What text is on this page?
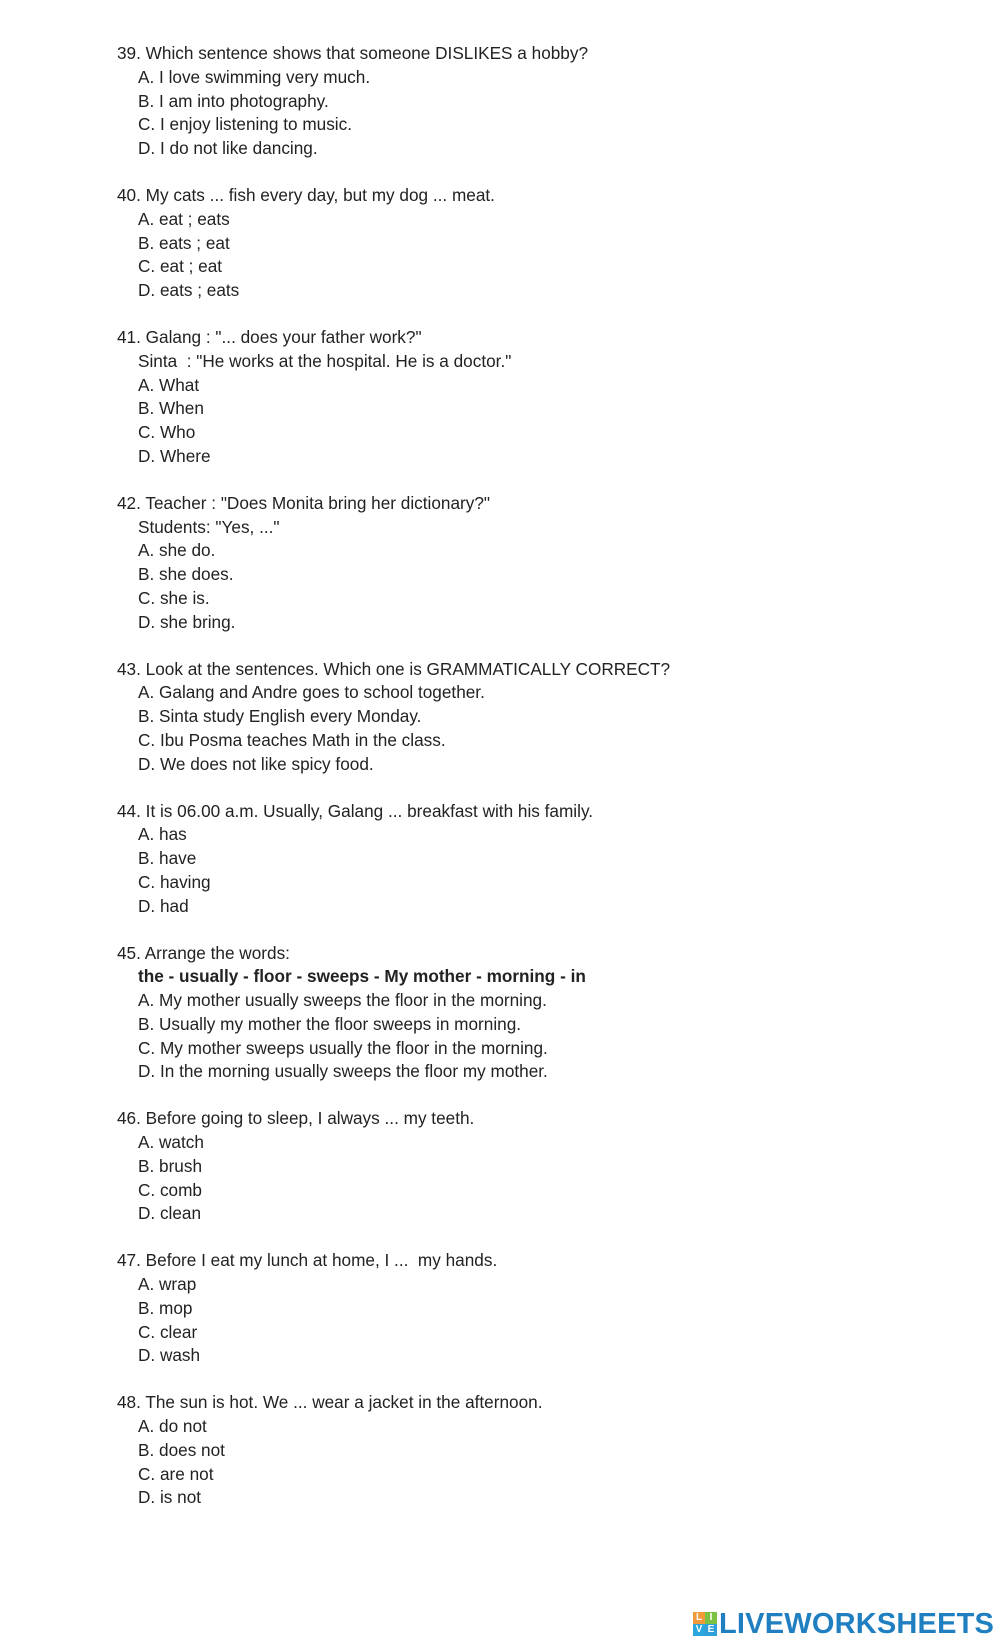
39. Which sentence shows that someone DISLIKES a hobby?
A. I love swimming very much.
B. I am into photography.
C. I enjoy listening to music.
D. I do not like dancing.
40. My cats ... fish every day, but my dog ... meat.
A. eat ; eats
B. eats ; eat
C. eat ; eat
D. eats ; eats
41. Galang : "... does your father work?"
Sinta  : "He works at the hospital. He is a doctor."
A. What
B. When
C. Who
D. Where
42. Teacher : "Does Monita bring her dictionary?"
Students: "Yes, ..."
A. she do.
B. she does.
C. she is.
D. she bring.
43. Look at the sentences. Which one is GRAMMATICALLY CORRECT?
A. Galang and Andre goes to school together.
B. Sinta study English every Monday.
C. Ibu Posma teaches Math in the class.
D. We does not like spicy food.
44. It is 06.00 a.m. Usually, Galang ... breakfast with his family.
A. has
B. have
C. having
D. had
45. Arrange the words:
the - usually - floor - sweeps - My mother - morning - in
A. My mother usually sweeps the floor in the morning.
B. Usually my mother the floor sweeps in morning.
C. My mother sweeps usually the floor in the morning.
D. In the morning usually sweeps the floor my mother.
46. Before going to sleep, I always ... my teeth.
A. watch
B. brush
C. comb
D. clean
47. Before I eat my lunch at home, I ...  my hands.
A. wrap
B. mop
C. clear
D. wash
48. The sun is hot. We ... wear a jacket in the afternoon.
A. do not
B. does not
C. are not
D. is not
L I
V E LIVEWORKSHEETS
